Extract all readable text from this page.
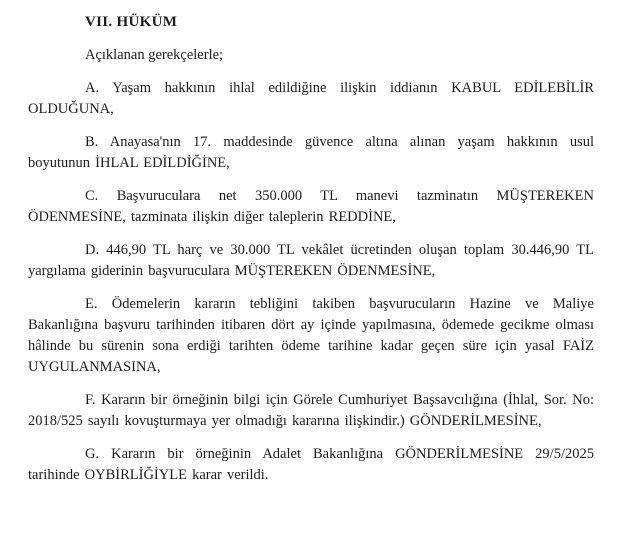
VII. HÜKÜM

Açıklanan gerekçelerle;

A. Yaşam hakkının ihlal edildiğine ilişkin iddianın KABUL EDİLEBİLİR OLDUĞUNA,

B. Anayasa'nın 17. maddesinde güvence altına alınan yaşam hakkının usul boyutunun İHLAL EDİLDİĞİNE,

C. Başvuruculara net 350.000 TL manevi tazminatın MÜŞTEREKEN ÖDENMESİNE, tazminata ilişkin diğer taleplerin REDDİNE,

D. 446,90 TL harç ve 30.000 TL vekâlet ücretinden oluşan toplam 30.446,90 TL yargılama giderinin başvuruculara MÜŞTEREKEN ÖDENMESİNE,

E. Ödemelerin kararın tebliğini takiben başvurucuların Hazine ve Maliye Bakanlığına başvuru tarihinden itibaren dört ay içinde yapılmasına, ödemede gecikme olması hâlinde bu sürenin sona erdiği tarihten ödeme tarihine kadar geçen süre için yasal FAİZ UYGULANMASINA,

F. Kararın bir örneğinin bilgi için Görele Cumhuriyet Başsavcılığına (İhlal, Sor. No: 2018/525 sayılı kovuşturmaya yer olmadığı kararına ilişkindir.) GÖNDERİLMESİNE,

G. Kararın bir örneğinin Adalet Bakanlığına GÖNDERİLMESİNE 29/5/2025 tarihinde OYBİRLİĞİYLE karar verildi.
